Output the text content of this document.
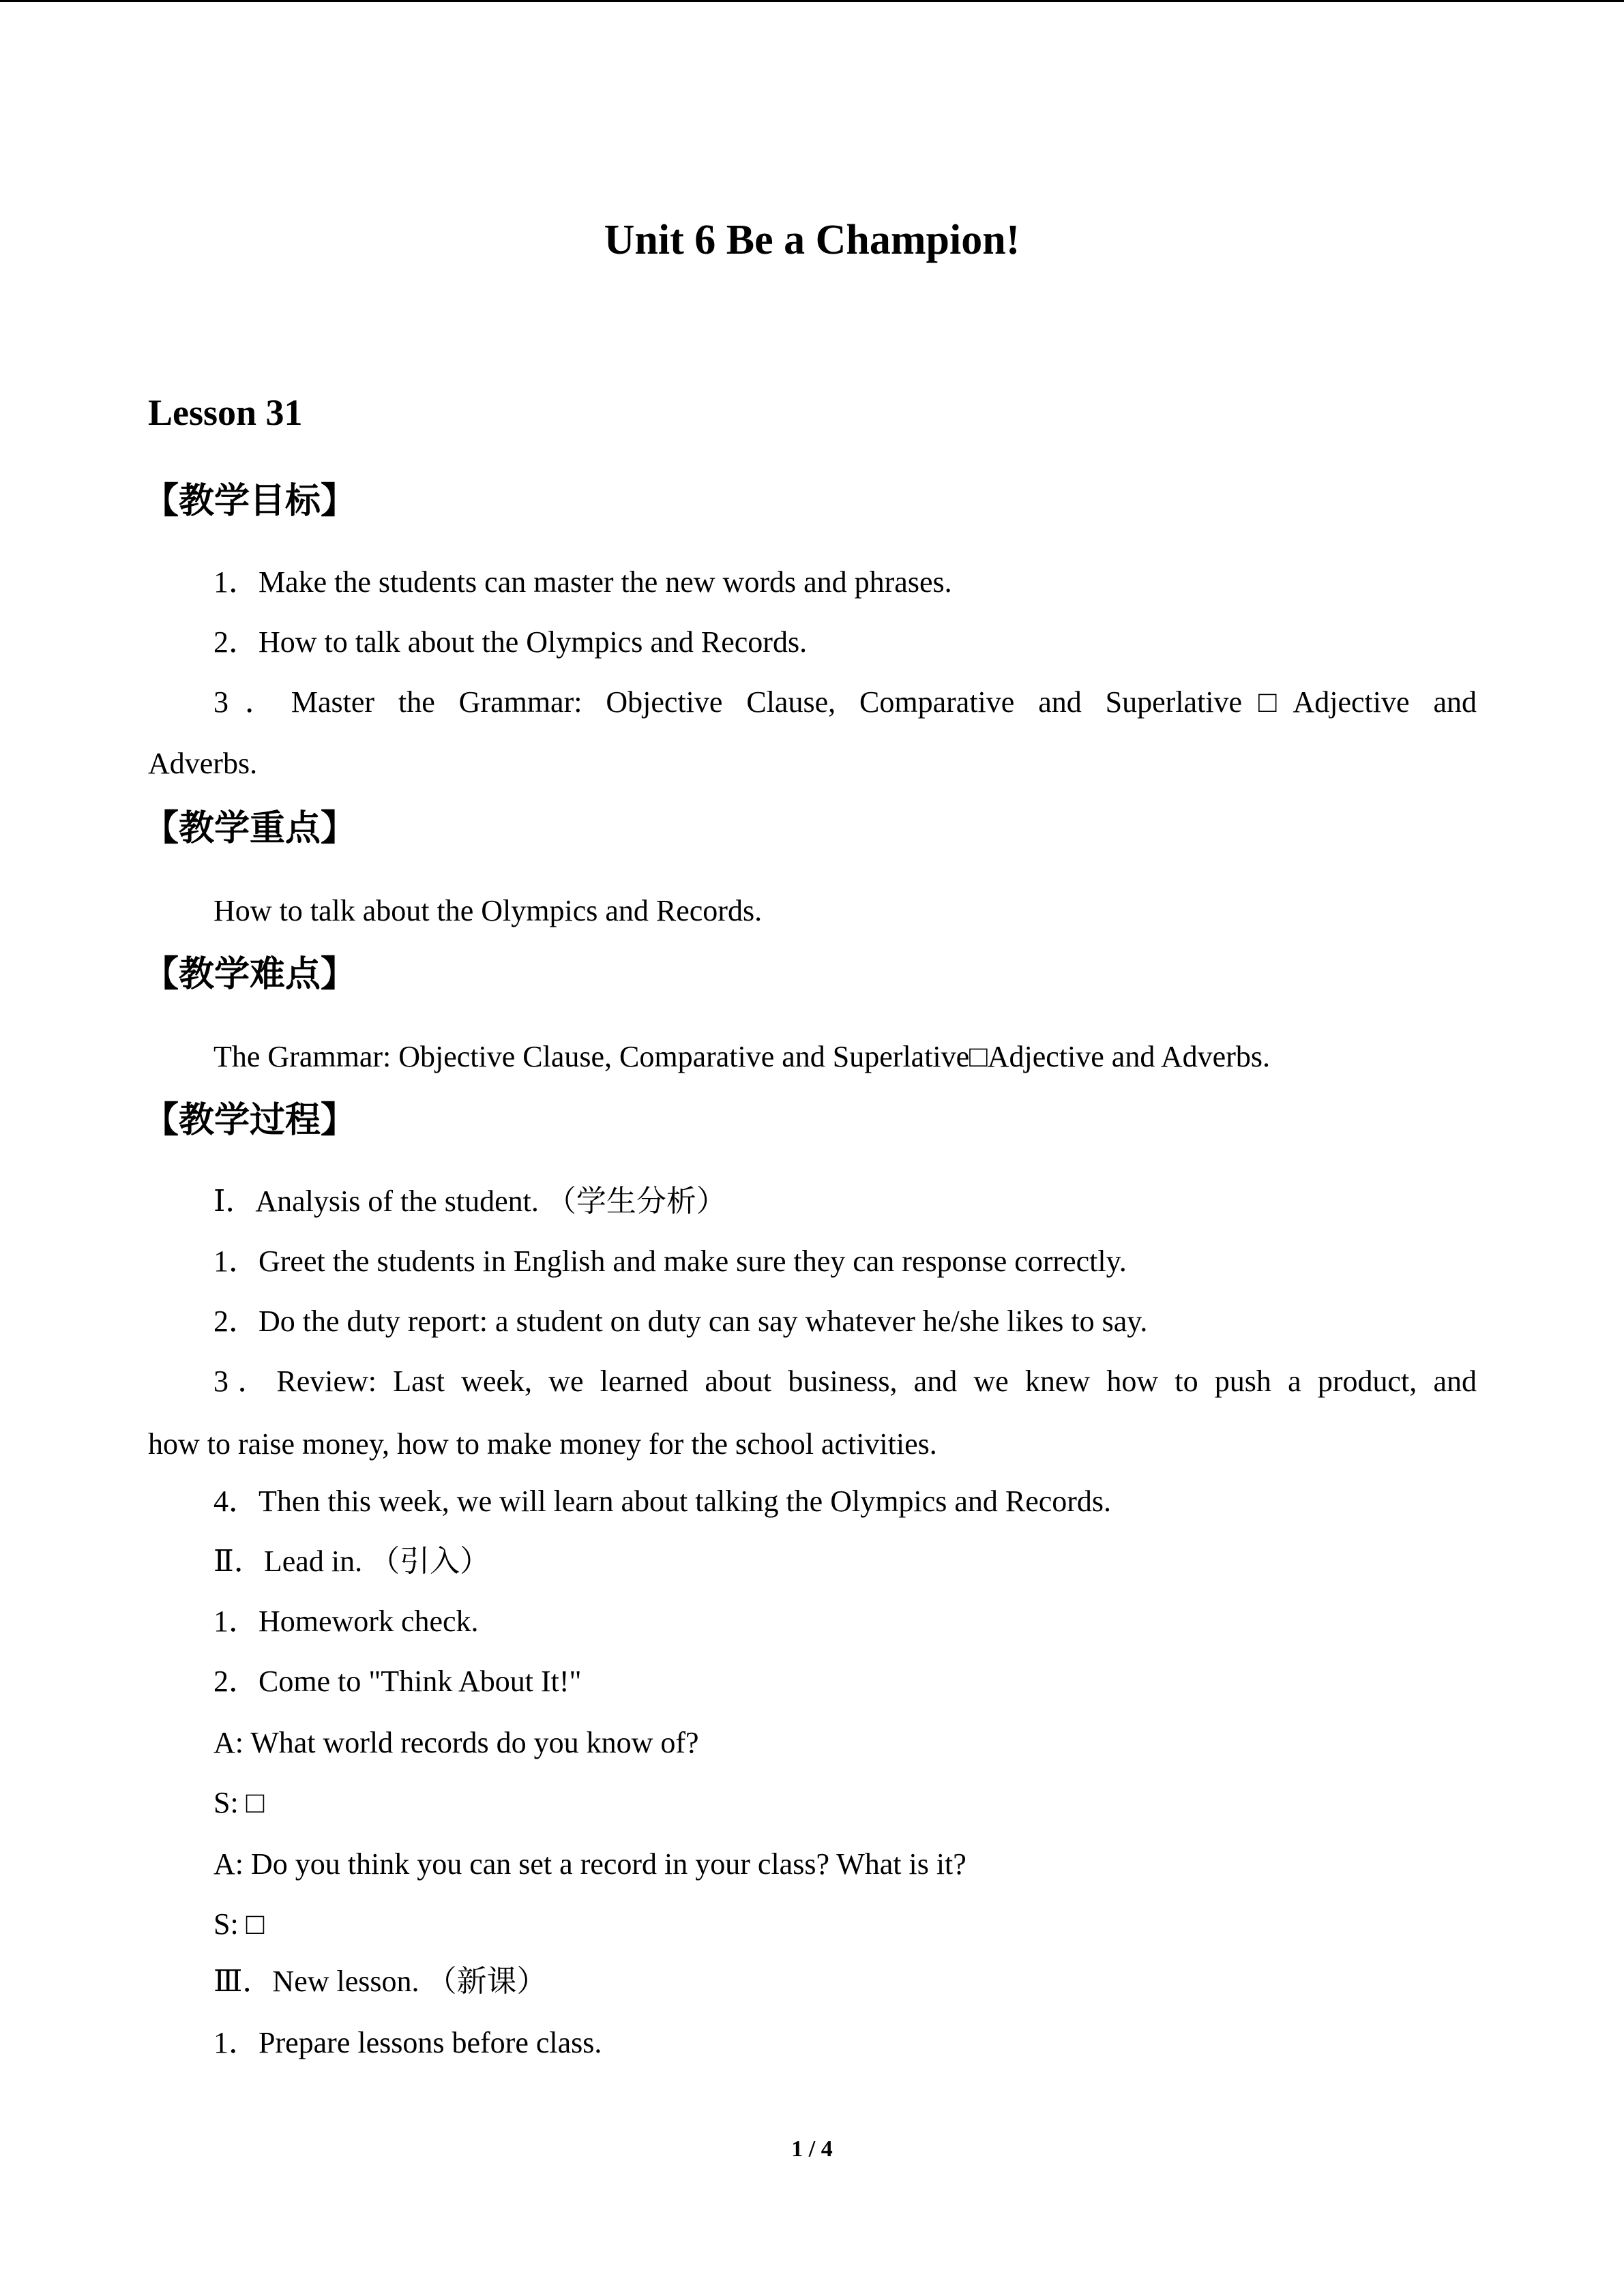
Unit 6 Be a Champion!
Lesson 31
【教学目标】
1．Make the students can master the new words and phrases.
2．How to talk about the Olympics and Records.
3．Master the Grammar: Objective Clause, Comparative and Superlative□Adjective and
Adverbs.
【教学重点】
How to talk about the Olympics and Records.
【教学难点】
The Grammar: Objective Clause, Comparative and Superlative□Adjective and Adverbs.
【教学过程】
Ⅰ．Analysis of the student. （学生分析）
1．Greet the students in English and make sure they can response correctly.
2．Do the duty report: a student on duty can say whatever he/she likes to say.
3．Review: Last week, we learned about business, and we knew how to push a product, and
how to raise money, how to make money for the school activities.
4．Then this week, we will learn about talking the Olympics and Records.
Ⅱ．Lead in. （引入）
1．Homework check.
2．Come to "Think About It!"
A: What world records do you know of?
S: □
A: Do you think you can set a record in your class? What is it?
S: □
Ⅲ．New lesson. （新课）
1．Prepare lessons before class.
1 / 4
